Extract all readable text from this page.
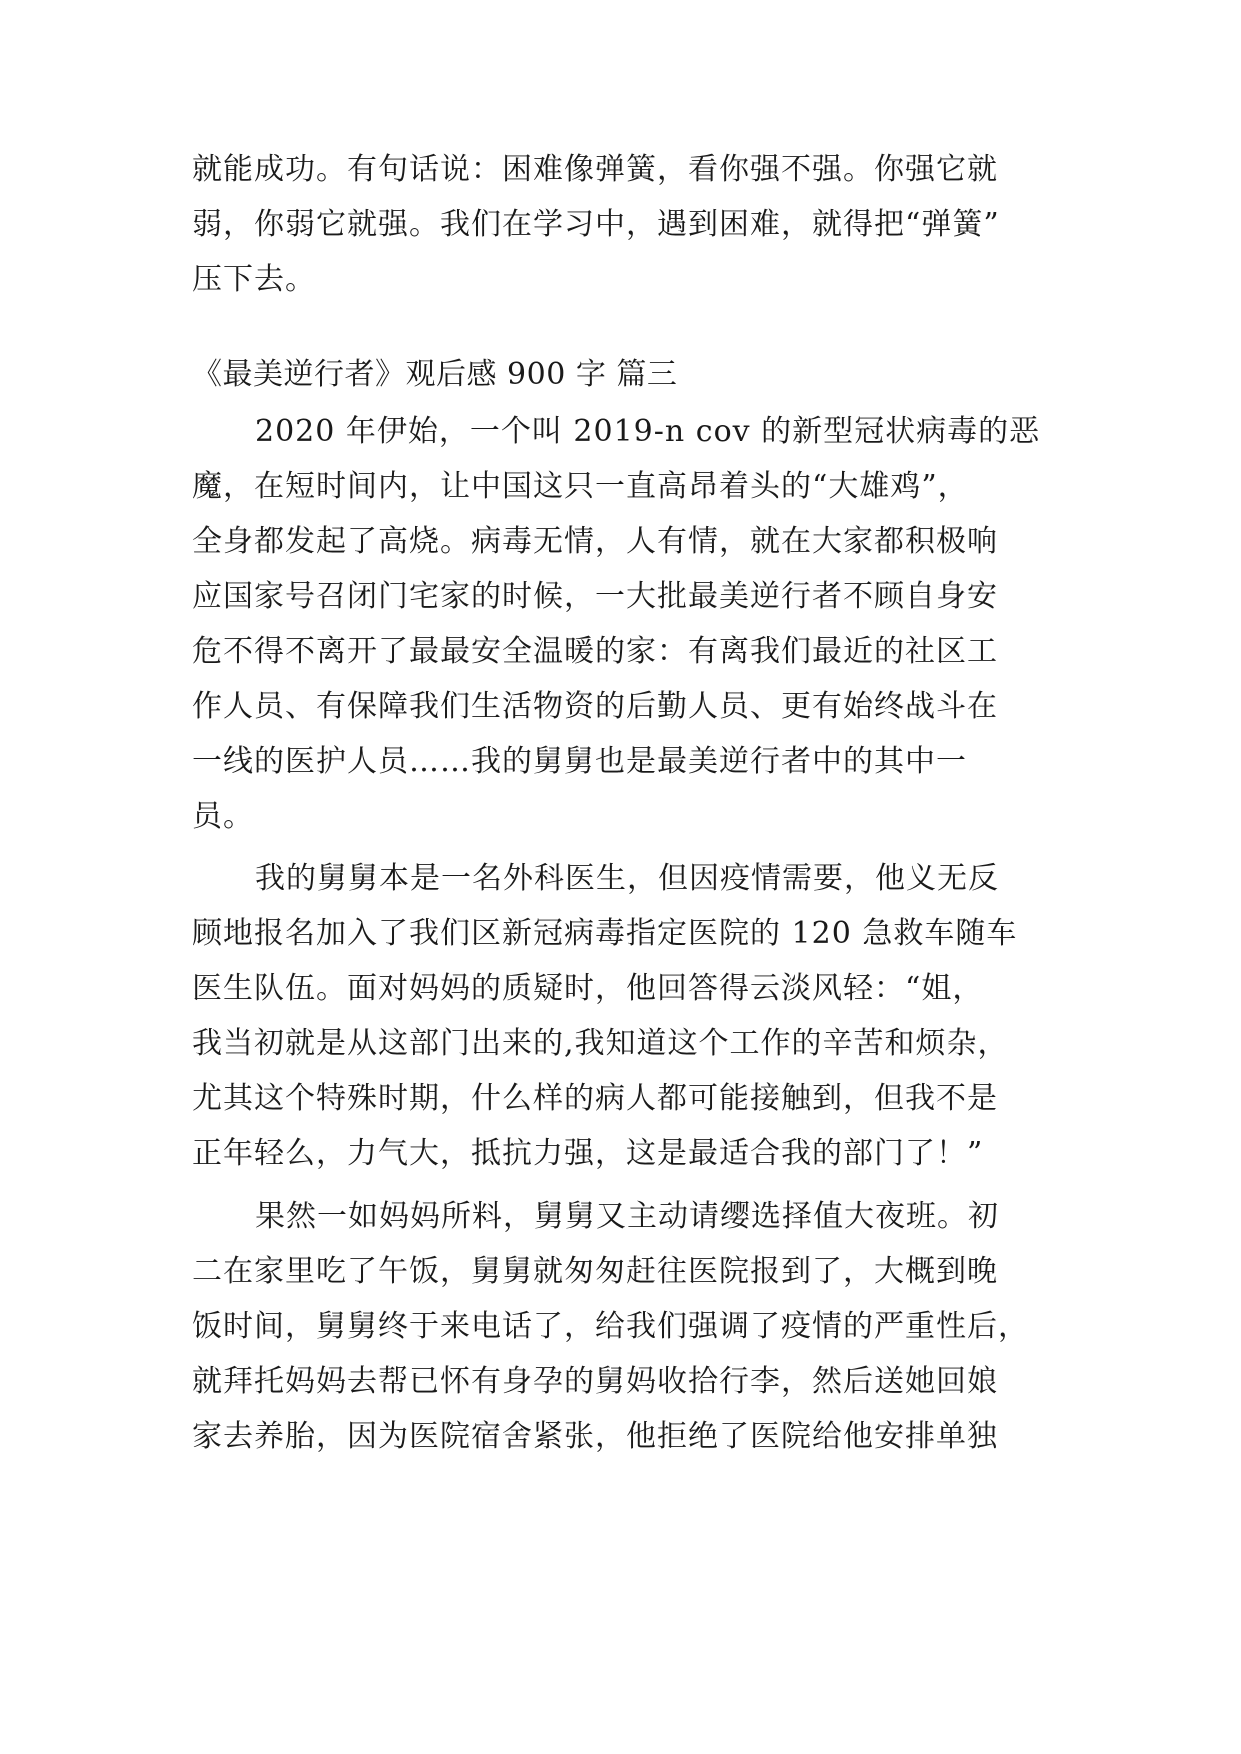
就能成功。有句话说：困难像弹簧，看你强不强。你强它就
弱，你弱它就强。我们在学习中，遇到困难，就得把“弹簧”
压下去。
《最美逆行者》观后感 900 字 篇三
2020 年伊始，一个叫 2019-n cov 的新型冠状病毒的恶
魔，在短时间内，让中国这只一直高昂着头的“大雄鸡”，
全身都发起了高烧。病毒无情，人有情，就在大家都积极响
应国家号召闭门宅家的时候，一大批最美逆行者不顾自身安
危不得不离开了最最安全温暖的家：有离我们最近的社区工
作人员、有保障我们生活物资的后勤人员、更有始终战斗在
一线的医护人员……我的舅舅也是最美逆行者中的其中一
员。
我的舅舅本是一名外科医生，但因疫情需要，他义无反
顾地报名加入了我们区新冠病毒指定医院的 120 急救车随车
医生队伍。面对妈妈的质疑时，他回答得云淡风轻：“姐，
我当初就是从这部门出来的,我知道这个工作的辛苦和烦杂，
尤其这个特殊时期，什么样的病人都可能接触到，但我不是
正年轻么，力气大，抵抗力强，这是最适合我的部门了！”
果然一如妈妈所料，舅舅又主动请缨选择值大夜班。初
二在家里吃了午饭，舅舅就匆匆赶往医院报到了，大概到晚
饭时间，舅舅终于来电话了，给我们强调了疫情的严重性后，
就拜托妈妈去帮已怀有身孕的舅妈收拾行李，然后送她回娘
家去养胎，因为医院宿舍紧张，他拒绝了医院给他安排单独
